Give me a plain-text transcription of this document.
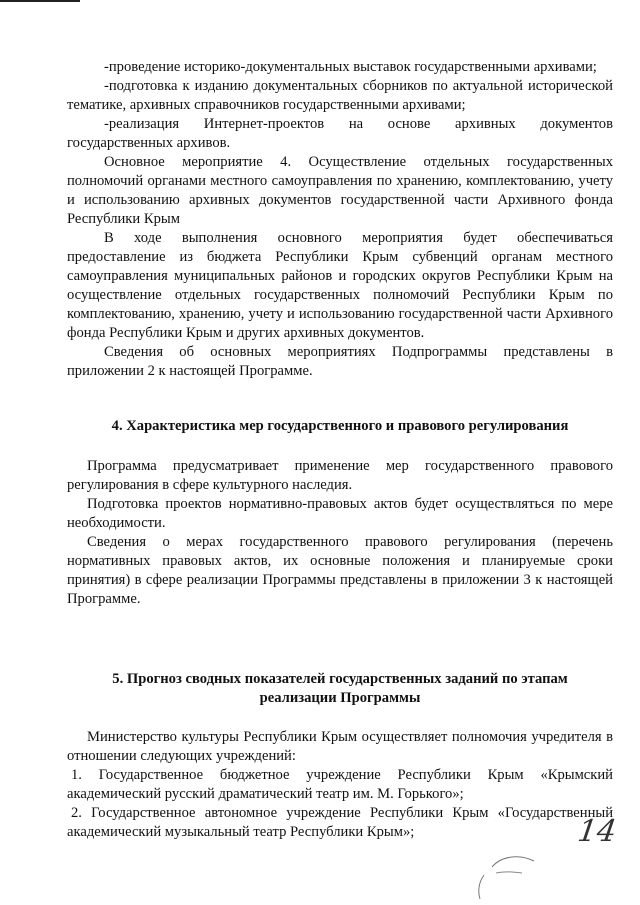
-проведение историко-документальных выставок государственными архивами;

-подготовка к изданию документальных сборников по актуальной исторической тематике, архивных справочников государственными архивами;

-реализация Интернет-проектов на основе архивных документов государственных архивов.

Основное мероприятие 4. Осуществление отдельных государственных полномочий органами местного самоуправления по хранению, комплектованию, учету и использованию архивных документов государственной части Архивного фонда Республики Крым

В ходе выполнения основного мероприятия будет обеспечиваться предоставление из бюджета Республики Крым субвенций органам местного самоуправления муниципальных районов и городских округов Республики Крым на осуществление отдельных государственных полномочий Республики Крым по комплектованию, хранению, учету и использованию государственной части Архивного фонда Республики Крым и других архивных документов.

Сведения об основных мероприятиях Подпрограммы представлены в приложении 2 к настоящей Программе.

4. Характеристика мер государственного и правового регулирования

Программа предусматривает применение мер государственного правового регулирования в сфере культурного наследия.

Подготовка проектов нормативно-правовых актов будет осуществляться по мере необходимости.

Сведения о мерах государственного правового регулирования (перечень нормативных правовых актов, их основные положения и планируемые сроки принятия) в сфере реализации Программы представлены в приложении 3 к настоящей Программе.

5. Прогноз сводных показателей государственных заданий по этапам
реализации Программы

Министерство культуры Республики Крым осуществляет полномочия учредителя в отношении следующих учреждений:

1. Государственное бюджетное учреждение Республики Крым «Крымский академический русский драматический театр им. М. Горького»;

2. Государственное автономное учреждение Республики Крым «Государственный академический музыкальный театр Республики Крым»;	14
